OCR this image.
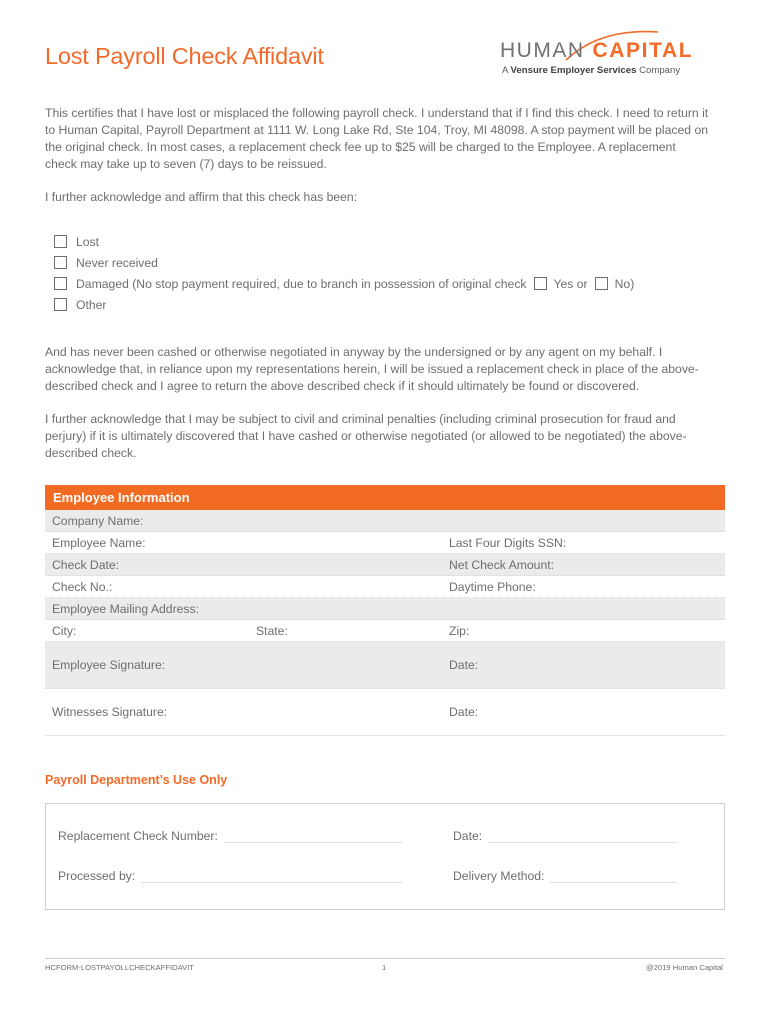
Lost Payroll Check Affidavit	HUMAN CAPITAL
A Vensure Employer Services Company

This certifies that I have lost or misplaced the following payroll check. I understand that if I find this check. I need to return it to Human Capital, Payroll Department at 1111 W. Long Lake Rd, Ste 104, Troy, MI 48098. A stop payment will be placed on the original check. In most cases, a replacement check fee up to $25 will be charged to the Employee. A replacement check may take up to seven (7) days to be reissued.

I further acknowledge and affirm that this check has been:

Lost
Never received
Damaged (No stop payment required, due to branch in possession of original check Yes or No)
Other

And has never been cashed or otherwise negotiated in anyway by the undersigned or by any agent on my behalf. I acknowledge that, in reliance upon my representations herein, I will be issued a replacement check in place of the above-described check and I agree to return the above described check if it should ultimately be found or discovered.

I further acknowledge that I may be subject to civil and criminal penalties (including criminal prosecution for fraud and perjury) if it is ultimately discovered that I have cashed or otherwise negotiated (or allowed to be negotiated) the above-described check.

Employee Information
Company Name:
Employee Name:	Last Four Digits SSN:
Check Date:	Net Check Amount:
Check No.:	Daytime Phone:
Employee Mailing Address:
City:	State:	Zip:
Employee Signature:	Date:
Witnesses Signature:	Date:
Payroll Department’s Use Only
Replacement Check Number:	Date:
Processed by:	Delivery Method:
HCFORM-LOSTPAYOLLCHECKAFFIDAVIT	1	@2019 Human Capital
